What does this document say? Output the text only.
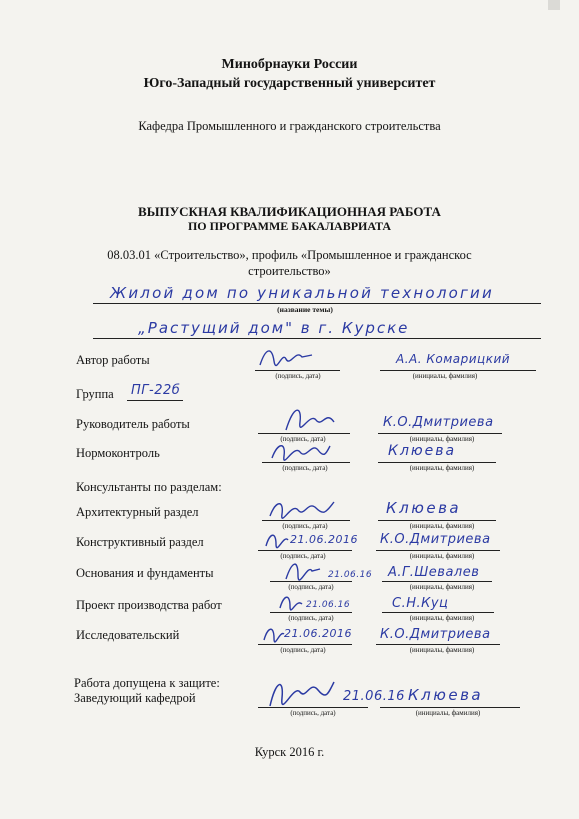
Минобрнауки России
Юго-Западный государственный университет
Кафедра Промышленного и гражданского строительства
ВЫПУСКНАЯ КВАЛИФИКАЦИОННАЯ РАБОТА
ПО ПРОГРАММЕ БАКАЛАВРИАТА
08.03.01 «Строительство», профиль «Промышленное и гражданскос
строительство»
Жилой дом по уникальной технологии
(название темы)
„Растущий дом" в г. Курске
Автор работы
(подпись, дата)
А.А. Комарицкий
(инициалы, фамилия)
Группа ПГ-22б
Руководитель работы
(подпись, дата)
К.О.Дмитриева
(инициалы, фамилия)
Нормоконтроль
(подпись, дата)
Клюева
(инициалы, фамилия)
Консультанты по разделам:
Архитектурный раздел
(подпись, дата)
Клюева
(инициалы, фамилия)
Конструктивный раздел	21.06.2016
(подпись, дата)
К.О.Дмитриева
(инициалы, фамилия)
Основания и фундаменты	21.06.16
(подпись, дата)
А.Г.Шевалев
(инициалы, фамилия)
Проект производства работ	21.06.16
(подпись, дата)
С.Н.Куц
(инициалы, фамилия)
Исследовательский	21.06.2016
(подпись, дата)
К.О.Дмитриева
(инициалы, фамилия)
Работа допущена к защите:
Заведующий кафедрой	21.06.16 Клюева
(подпись, дата)	(инициалы, фамилия)
Курск 2016 г.
